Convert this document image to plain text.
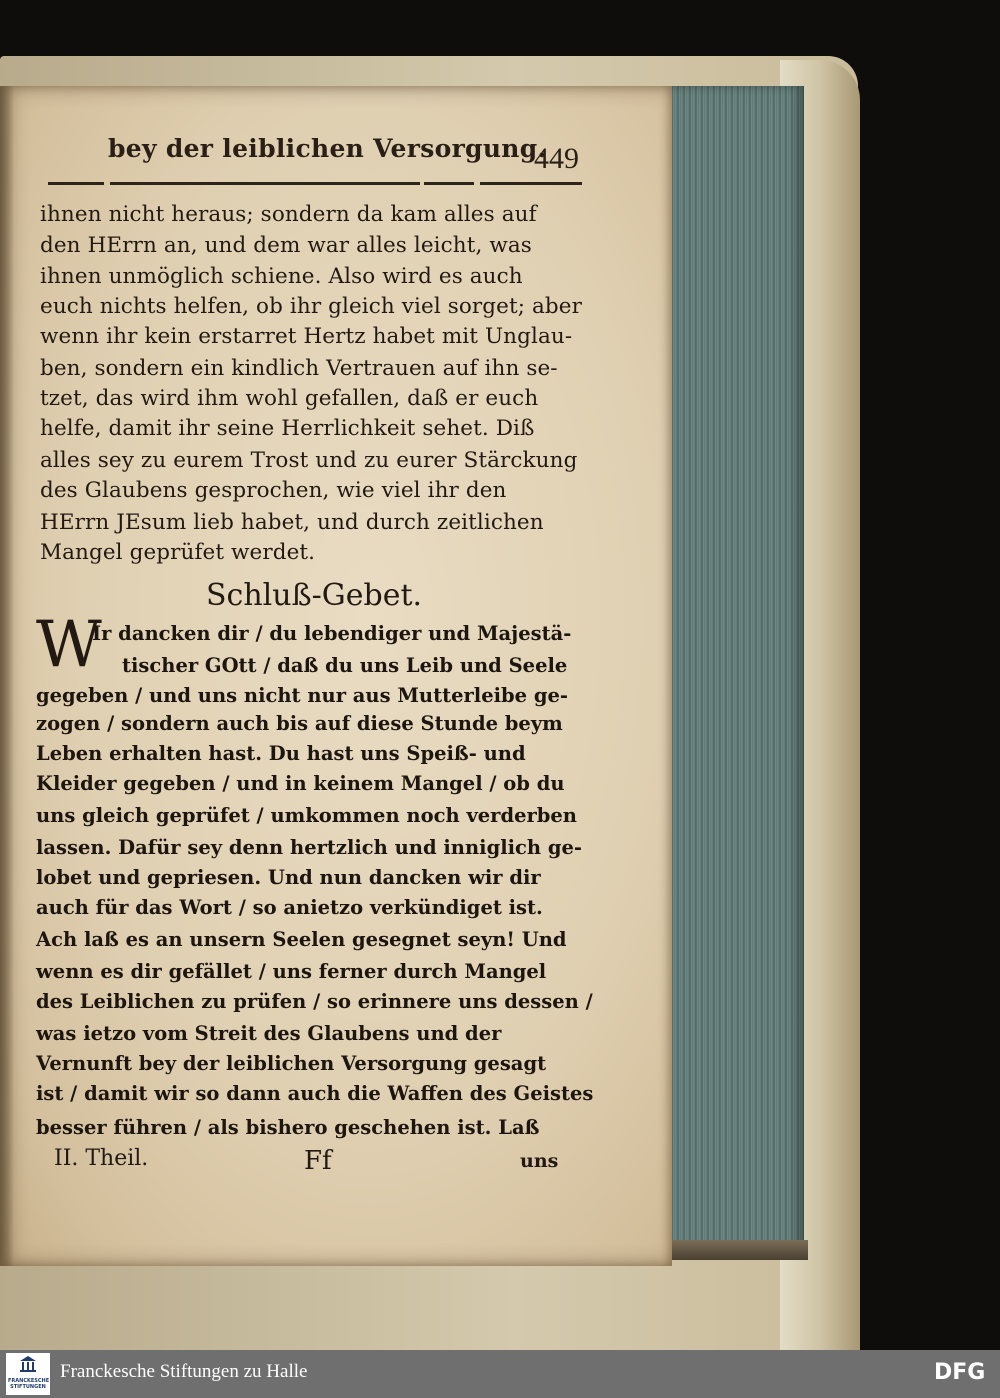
bey der leiblichen Versorgung.
449
ihnen nicht heraus; sondern da kam alles auf
den HErrn an, und dem war alles leicht, was
ihnen unmöglich schiene. Also wird es auch
euch nichts helfen, ob ihr gleich viel sorget; aber
wenn ihr kein erstarret Hertz habet mit Unglau-
ben, sondern ein kindlich Vertrauen auf ihn se-
tzet, das wird ihm wohl gefallen, daß er euch
helfe, damit ihr seine Herrlichkeit sehet. Diß
alles sey zu eurem Trost und zu eurer Stärckung
des Glaubens gesprochen, wie viel ihr den
HErrn JEsum lieb habet, und durch zeitlichen
Mangel geprüfet werdet.
Schluß-Gebet.
W
Ir dancken dir / du lebendiger und Majestä-
tischer GOtt / daß du uns Leib und Seele
gegeben / und uns nicht nur aus Mutterleibe ge-
zogen / sondern auch bis auf diese Stunde beym
Leben erhalten hast. Du hast uns Speiß- und
Kleider gegeben / und in keinem Mangel / ob du
uns gleich geprüfet / umkommen noch verderben
lassen. Dafür sey denn hertzlich und inniglich ge-
lobet und gepriesen. Und nun dancken wir dir
auch für das Wort / so anietzo verkündiget ist.
Ach laß es an unsern Seelen gesegnet seyn! Und
wenn es dir gefället / uns ferner durch Mangel
des Leiblichen zu prüfen / so erinnere uns dessen /
was ietzo vom Streit des Glaubens und der
Vernunft bey der leiblichen Versorgung gesagt
ist / damit wir so dann auch die Waffen des Geistes
besser führen / als bishero geschehen ist. Laß
II. Theil.	Ff	uns
FRANCKESCHE STIFTUNGEN
Franckesche Stiftungen zu Halle	DFG
